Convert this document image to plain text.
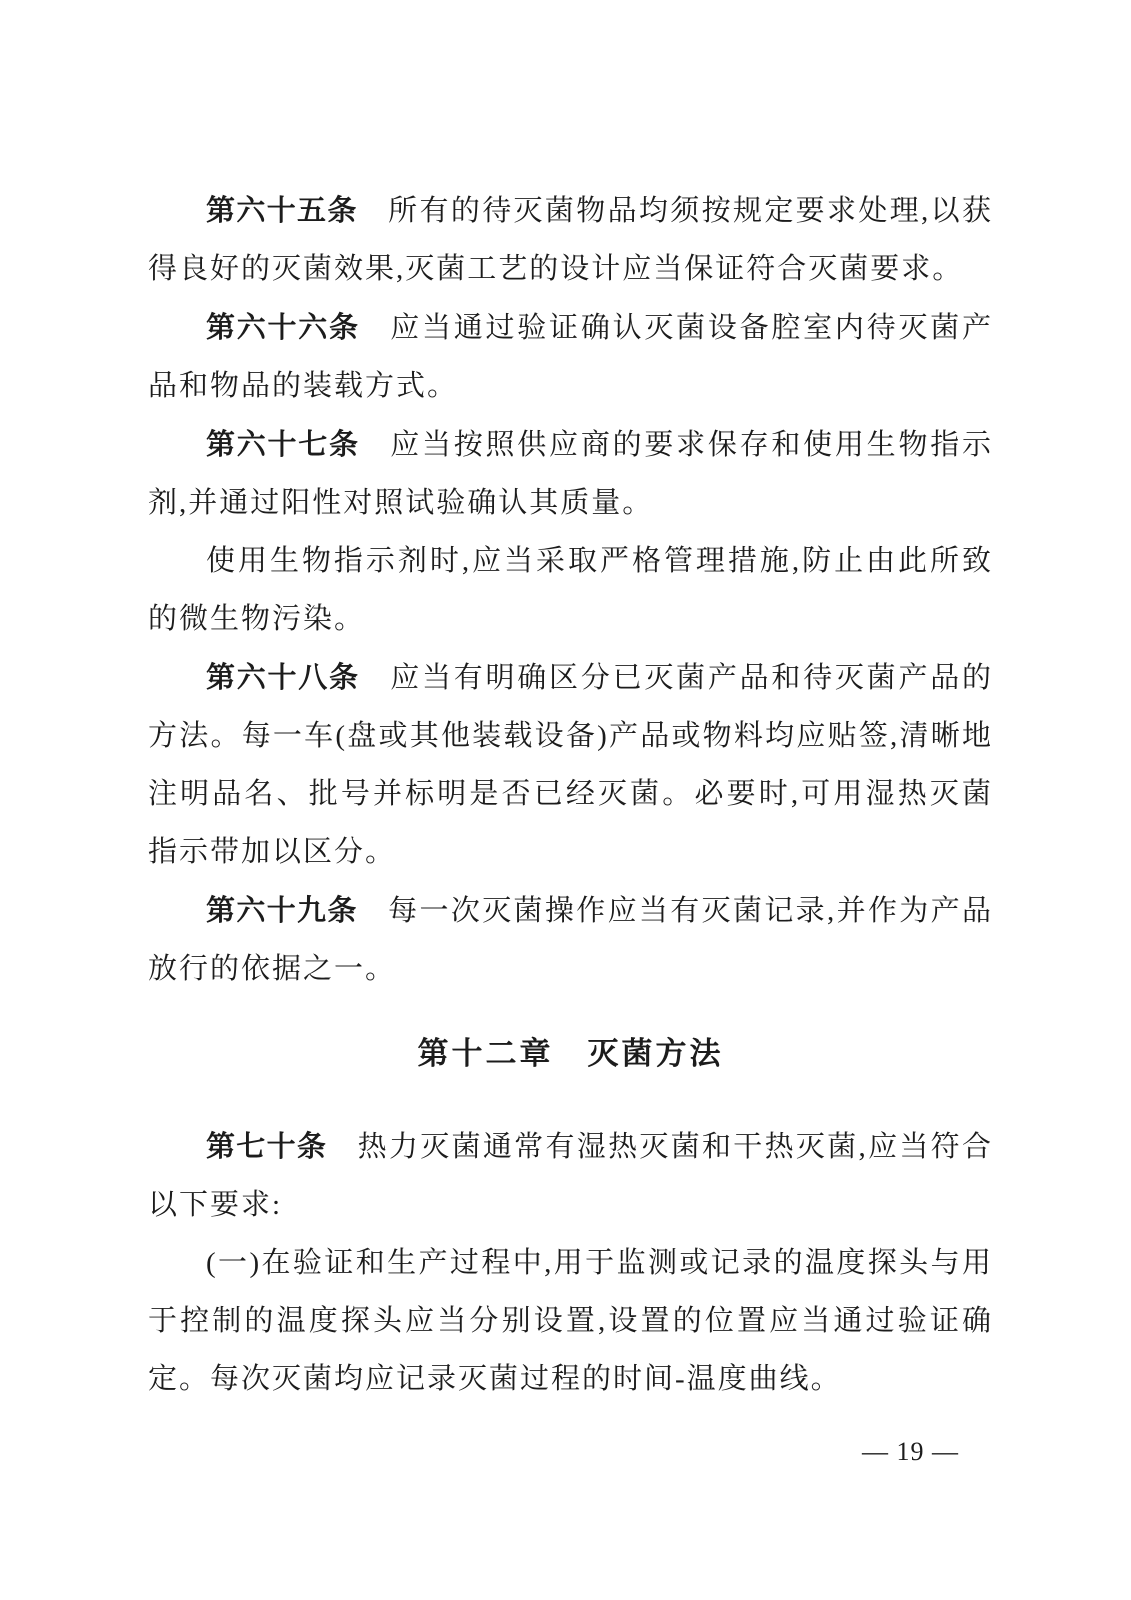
第六十五条 所有的待灭菌物品均须按规定要求处理,以获得良好的灭菌效果,灭菌工艺的设计应当保证符合灭菌要求。

第六十六条 应当通过验证确认灭菌设备腔室内待灭菌产品和物品的装载方式。

第六十七条 应当按照供应商的要求保存和使用生物指示剂,并通过阳性对照试验确认其质量。

使用生物指示剂时,应当采取严格管理措施,防止由此所致的微生物污染。

第六十八条 应当有明确区分已灭菌产品和待灭菌产品的方法。每一车(盘或其他装载设备)产品或物料均应贴签,清晰地注明品名、批号并标明是否已经灭菌。必要时,可用湿热灭菌指示带加以区分。

第六十九条 每一次灭菌操作应当有灭菌记录,并作为产品放行的依据之一。

第十二章　灭菌方法

第七十条 热力灭菌通常有湿热灭菌和干热灭菌,应当符合以下要求:

(一)在验证和生产过程中,用于监测或记录的温度探头与用于控制的温度探头应当分别设置,设置的位置应当通过验证确定。每次灭菌均应记录灭菌过程的时间-温度曲线。

— 19 —
